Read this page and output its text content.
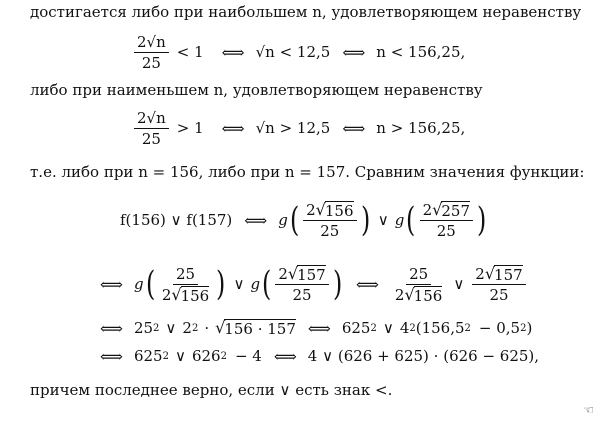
достигается либо при наибольшем n, удовлетворяющем неравенству
$\frac{2√n}{25} < 1$ ⟺ √n < 12,5 ⟺ n < 156,25,
либо при наименьшем n, удовлетворяющем неравенству
$\frac{2√n}{25} > 1$ ⟺ √n > 12,5 ⟺ n > 156,25,
т.е. либо при n = 156, либо при n = 157. Сравним значения функции:
f(156) ∨ f(157) ⟺ g ( $\frac{2 √ 156}{25}$ ) ∨ g ( $\frac{2 √ 257}{25}$ )
⟺ g ( $\frac{25}{2 √ 156}$ ) ∨ g ( $\frac{2 √ 157}{25}$ ) ⟺ $\frac{25}{2 √ 156}$ ∨ $\frac{2 √ 157}{25}$
⟺ 25 2 ∨ 2 2 · √ 156 · 157 ⟺ 625 2 ∨ 4 2 (156,5 2 − 0,5 2 )
⟺ 625 2 ∨ 626 2 − 4 ⟺ 4 ∨ (626 + 625) · (626 − 625),
причем последнее верно, если ∨ есть знак <.
☜
